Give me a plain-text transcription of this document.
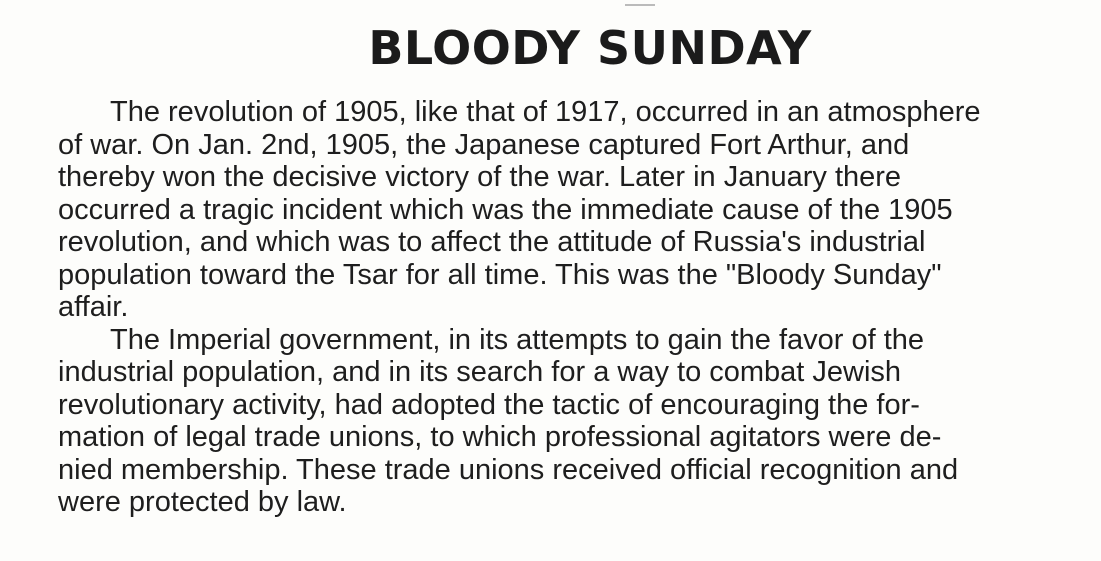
BLOODY SUNDAY
The revolution of 1905, like that of 1917, occurred in an atmosphere
of war. On Jan. 2nd, 1905, the Japanese captured Fort Arthur, and
thereby won the decisive victory of the war. Later in January there
occurred a tragic incident which was the immediate cause of the 1905
revolution, and which was to affect the attitude of Russia's industrial
population toward the Tsar for all time. This was the "Bloody Sunday"
affair.
The Imperial government, in its attempts to gain the favor of the
industrial population, and in its search for a way to combat Jewish
revolutionary activity, had adopted the tactic of encouraging the for-
mation of legal trade unions, to which professional agitators were de-
nied membership. These trade unions received official recognition and
were protected by law.
